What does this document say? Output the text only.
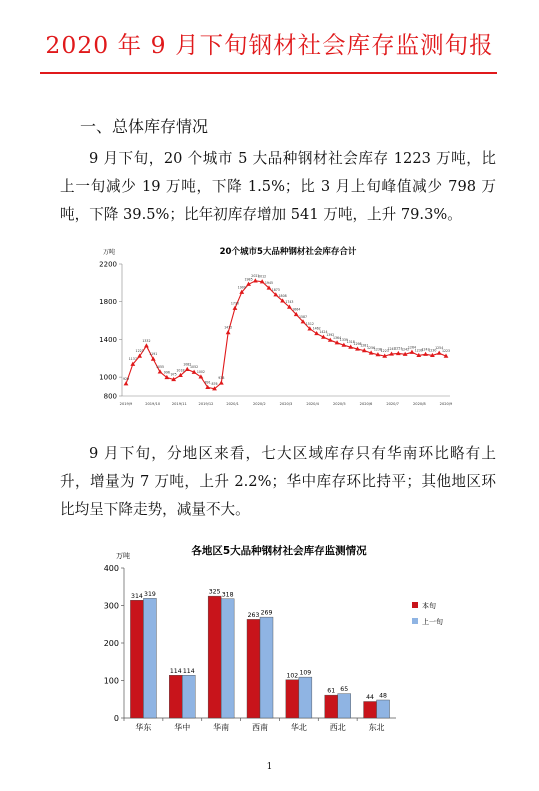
2020 年 9 月下旬钢材社会库存监测旬报
一、总体库存情况

9 月下旬，20 个城市 5 大品种钢材社会库存 1223 万吨，比上一旬减少 19 万吨，下降 1.5%；比 3 月上旬峰值减少 798 万吨，下降 39.5%；比年初库存增加 541 万吨，上升 79.3%。

万吨	20个城市5大品种钢材社会库存合计
800
1000
1400
1800
2200
2019/9	2019/10	2019/11	2019/12	2020/1	2020/2	2020/3	2020/4	2020/5	2020/6	2020/7	2020/8	2020/9
929
1137
1223
1332
1191
1055
996 975
1018
1082
1052
1002
891 876
938
1472
1730
1900
1985
2021
2012
1945
1873
1808
1743
1664
1587
1512
1462
1424
1392
1364
1339
1318
1298
1281
1256
1238
1223
1245
1251
1242
1264
1230
1242
1230
1254
1223

9 月下旬，分地区来看，七大区域库存只有华南环比略有上升，增量为 7 万吨，上升 2.2%；华中库存环比持平；其他地区环比均呈下降走势，减量不大。

万吨	各地区5大品种钢材社会库存监测情况
0
100
200
300
400
华东	华中	华南	西南	华北	西北	东北
314 319
114 114
325 318
263 269
102 109
61 65
44 48
本旬
上一旬
1
